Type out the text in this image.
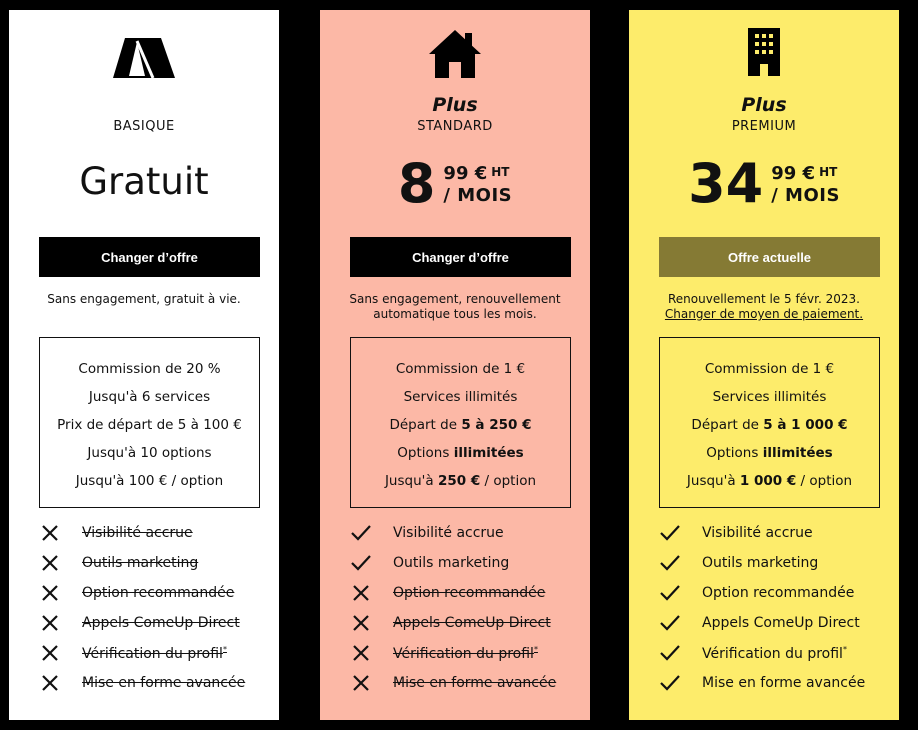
BASIQUE
Gratuit
Changer d’offre
Sans engagement, gratuit à vie.
Commission de 20 %
Jusqu'à 6 services
Prix de départ de 5 à 100 €
Jusqu'à 10 options
Jusqu'à 100 € / option
Visibilité accrue
Outils marketing
Option recommandée
Appels ComeUp Direct
Vérification du profil*
Mise en forme avancée
Plus
STANDARD
8 99 € HT
/ MOIS
Changer d’offre
Sans engagement, renouvellement automatique tous les mois.
Commission de 1 €
Services illimités
Départ de 5 à 250 €
Options illimitées
Jusqu'à 250 € / option
Visibilité accrue
Outils marketing
Option recommandée
Appels ComeUp Direct
Vérification du profil*
Mise en forme avancée
Plus
PREMIUM
34 99 € HT
/ MOIS
Offre actuelle
Renouvellement le 5 févr. 2023.
Changer de moyen de paiement.
Commission de 1 €
Services illimités
Départ de 5 à 1 000 €
Options illimitées
Jusqu'à 1 000 € / option
Visibilité accrue
Outils marketing
Option recommandée
Appels ComeUp Direct
Vérification du profil*
Mise en forme avancée
